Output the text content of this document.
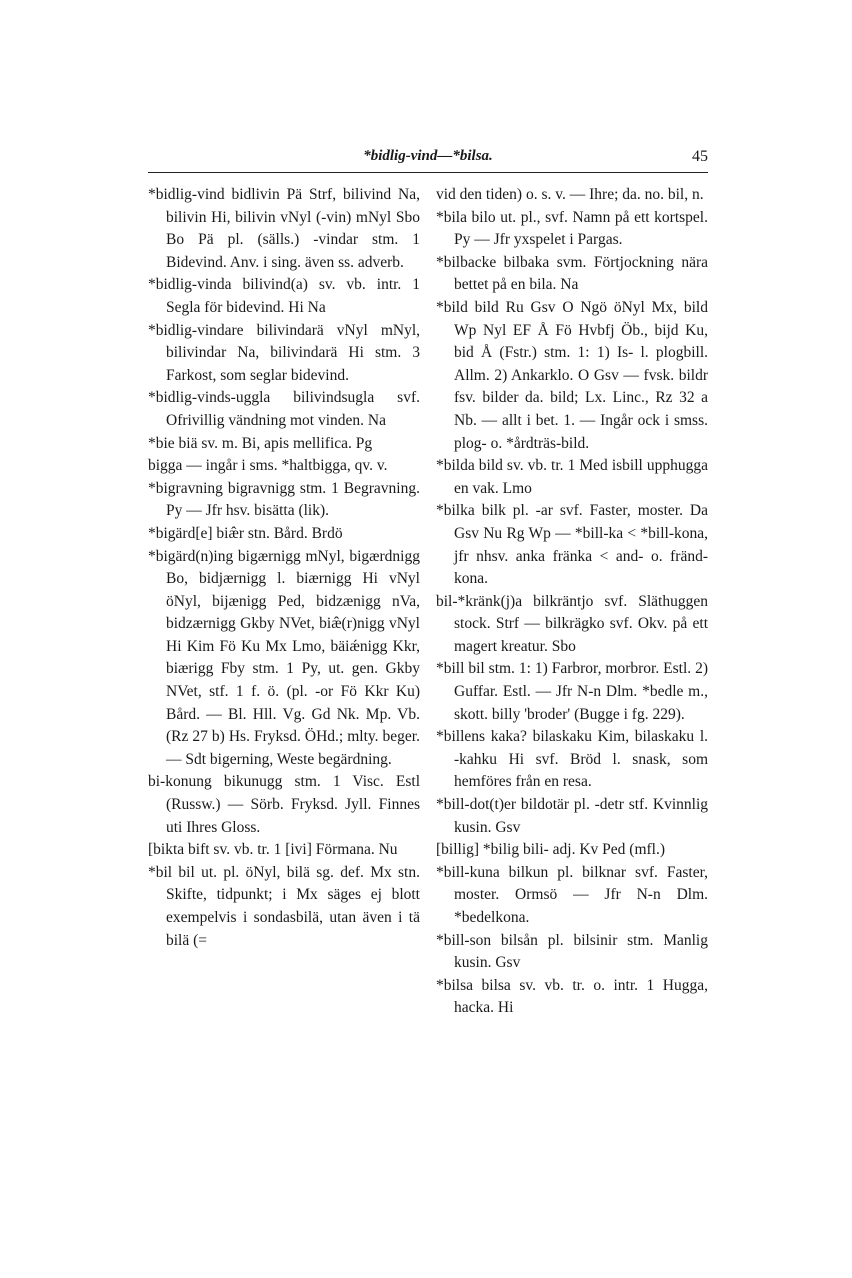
*bidlig-vind—*bilsa.	45

*bidlig-vind bidlivin Pä Strf, bilivind Na, bilivin Hi, bilivin vNyl (-vin) mNyl Sbo Bo Pä pl. (sälls.) -vindar stm. 1 Bidevind. Anv. i sing. även ss. adverb.

*bidlig-vinda bilivind(a) sv. vb. intr. 1 Segla för bidevind. Hi Na

*bidlig-vindare bilivindarä vNyl mNyl, bilivindar Na, bilivindarä Hi stm. 3 Farkost, som seglar bidevind.

*bidlig-vinds-uggla bilivindsugla svf. Ofrivillig vändning mot vinden. Na

*bie biä sv. m. Bi, apis mellifica. Pg

bigga — ingår i sms. *haltbigga, qv. v.

*bigravning bigravnigg stm. 1 Begravning. Py — Jfr hsv. bisätta (lik).

*bigärd[e] biæ̂r stn. Bård. Brdö

*bigärd(n)ing bigærnigg mNyl, bigærdnigg Bo, bidjærnigg l. biærnigg Hi vNyl öNyl, bijænigg Ped, bidzænigg nVa, bidzærnigg Gkby NVet, biæ̂(r)nigg vNyl Hi Kim Fö Ku Mx Lmo, bäiǽnigg Kkr, biærigg Fby stm. 1 Py, ut. gen. Gkby NVet, stf. 1 f. ö. (pl. -or Fö Kkr Ku) Bård. — Bl. Hll. Vg. Gd Nk. Mp. Vb. (Rz 27 b) Hs. Fryksd. ÖHd.; mlty. beger. — Sdt bigerning, Weste begärdning.

bi-konung bikunugg stm. 1 Visc. Estl (Russw.) — Sörb. Fryksd. Jyll. Finnes uti Ihres Gloss.

[bikta bift sv. vb. tr. 1 [ivi] Förmana. Nu

*bil bil ut. pl. öNyl, bilä sg. def. Mx stn. Skifte, tidpunkt; i Mx säges ej blott exempelvis i sondasbilä, utan även i tä bilä (=

vid den tiden) o. s. v. — Ihre; da. no. bil, n.

*bila bilo ut. pl., svf. Namn på ett kortspel. Py — Jfr yxspelet i Pargas.

*bilbacke bilbaka svm. Förtjockning nära bettet på en bila. Na

*bild bild Ru Gsv O Ngö öNyl Mx, bild Wp Nyl EF Å Fö Hvbfj Öb., bijd Ku, bid Å (Fstr.) stm. 1: 1) Is- l. plogbill. Allm. 2) Ankarklo. O Gsv — fvsk. bildr fsv. bilder da. bild; Lx. Linc., Rz 32 a Nb. — allt i bet. 1. — Ingår ock i smss. plog- o. *årdträs-bild.

*bilda bild sv. vb. tr. 1 Med isbill upphugga en vak. Lmo

*bilka bilk pl. -ar svf. Faster, moster. Da Gsv Nu Rg Wp — *bill-ka < *bill-kona, jfr nhsv. anka fränka < and- o. fränd-kona.

bil-*kränk(j)a bilkräntjo svf. Släthuggen stock. Strf — bilkrägko svf. Okv. på ett magert kreatur. Sbo

*bill bil stm. 1: 1) Farbror, morbror. Estl. 2) Guffar. Estl. — Jfr N-n Dlm. *bedle m., skott. billy 'broder' (Bugge i fg. 229).

*billens kaka? bilaskaku Kim, bilaskaku l. -kahku Hi svf. Bröd l. snask, som hemföres från en resa.

*bill-dot(t)er bildotär pl. -detr stf. Kvinnlig kusin. Gsv

[billig] *bilig bili- adj. Kv Ped (mfl.)

*bill-kuna bilkun pl. bilknar svf. Faster, moster. Ormsö — Jfr N-n Dlm. *bedelkona.

*bill-son bilsån pl. bilsinir stm. Manlig kusin. Gsv

*bilsa bilsa sv. vb. tr. o. intr. 1 Hugga, hacka. Hi
